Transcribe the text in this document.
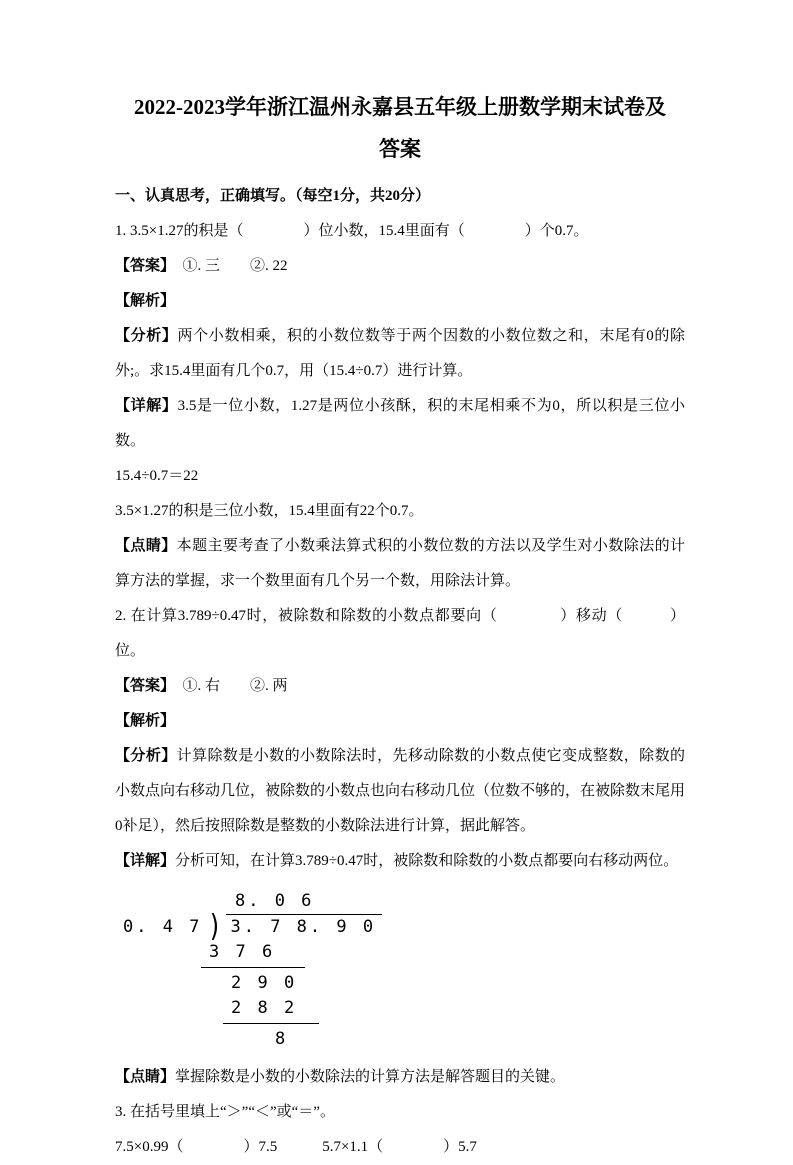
2022-2023学年浙江温州永嘉县五年级上册数学期末试卷及
答案
一、认真思考，正确填写。（每空1分，共20分）

1. 3.5×1.27的积是（　　　　）位小数，15.4里面有（　　　　）个0.7。

【答案】　①. 三　　②. 22

【解析】

【分析】两个小数相乘，积的小数位数等于两个因数的小数位数之和，末尾有0的除外;。求15.4里面有几个0.7，用（15.4÷0.7）进行计算。

【详解】3.5是一位小数，1.27是两位小孩酥，积的末尾相乘不为0，所以积是三位小数。

15.4÷0.7＝22

3.5×1.27的积是三位小数，15.4里面有22个0.7。

【点睛】本题主要考查了小数乘法算式积的小数位数的方法以及学生对小数除法的计算方法的掌握，求一个数里面有几个另一个数，用除法计算。

2. 在计算3.789÷0.47时，被除数和除数的小数点都要向（　　　　）移动（　　　）位。

【答案】　①. 右　　②. 两

【解析】

【分析】计算除数是小数的小数除法时，先移动除数的小数点使它变成整数，除数的小数点向右移动几位，被除数的小数点也向右移动几位（位数不够的，在被除数末尾用0补足），然后按照除数是整数的小数除法进行计算，据此解答。

【详解】分析可知，在计算3.789÷0.47时，被除数和除数的小数点都要向右移动两位。

8. 0 6
0. 4 7 ) 3. 7 8. 9 0
3 7 6
2 9 0
2 8 2
8

【点睛】掌握除数是小数的小数除法的计算方法是解答题目的关键。

3. 在括号里填上“＞”“＜”或“＝”。

7.5×0.99（　　　　）7.5　　　5.7×1.1（　　　　）5.7
